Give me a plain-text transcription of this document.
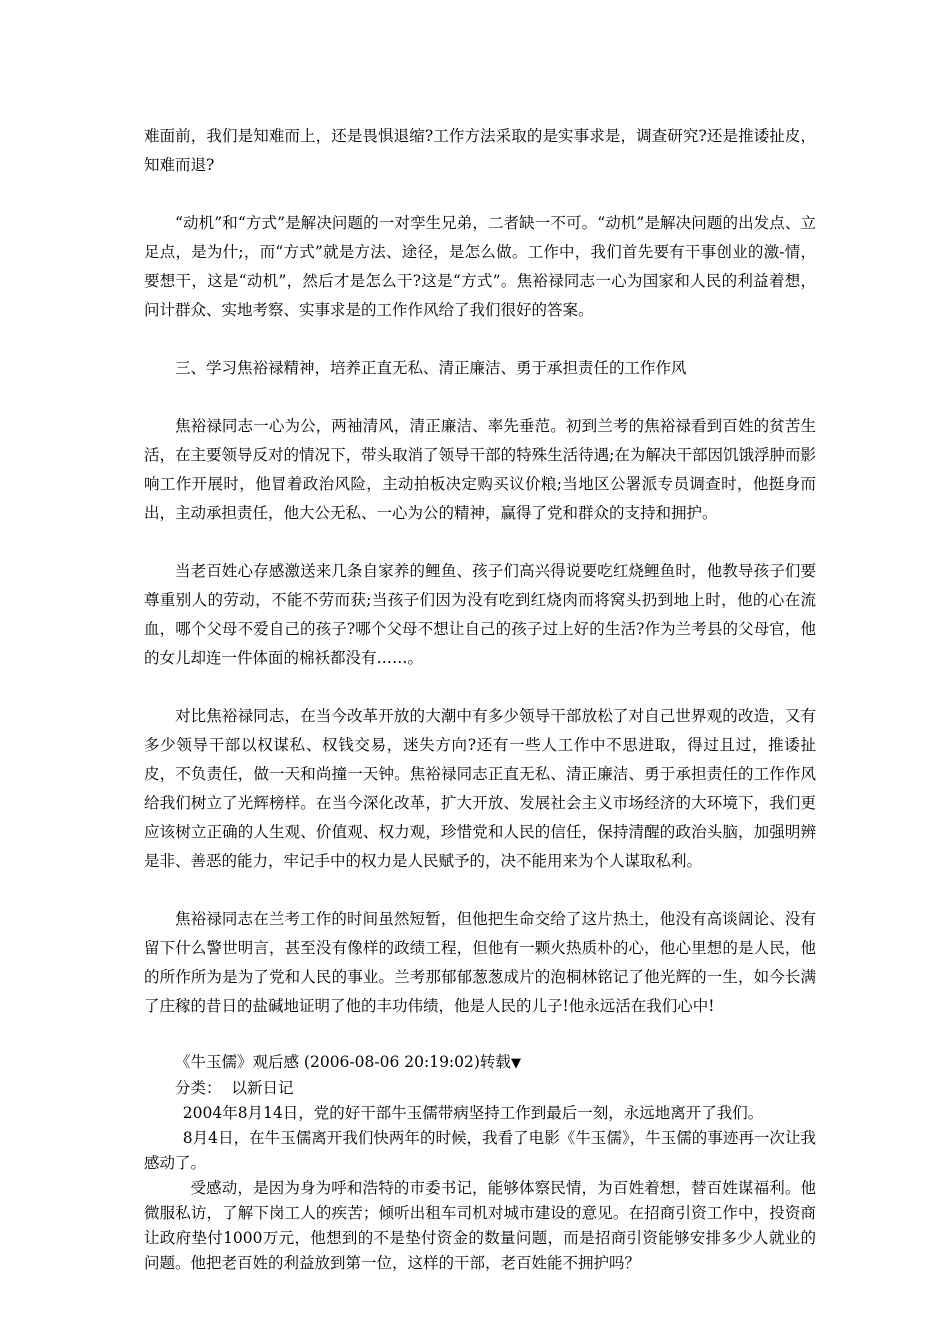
难面前，我们是知难而上，还是畏惧退缩?工作方法采取的是实事求是，调查研究?还是推诿扯皮，知难而退?

“动机”和“方式”是解决问题的一对孪生兄弟，二者缺一不可。“动机”是解决问题的出发点、立足点，是为什;，而“方式”就是方法、途径，是怎么做。工作中，我们首先要有干事创业的激-情，要想干，这是“动机”，然后才是怎么干?这是“方式”。焦裕禄同志一心为国家和人民的利益着想，问计群众、实地考察、实事求是的工作作风给了我们很好的答案。

三、学习焦裕禄精神，培养正直无私、清正廉洁、勇于承担责任的工作作风

焦裕禄同志一心为公，两袖清风，清正廉洁、率先垂范。初到兰考的焦裕禄看到百姓的贫苦生活，在主要领导反对的情况下，带头取消了领导干部的特殊生活待遇;在为解决干部因饥饿浮肿而影响工作开展时，他冒着政治风险，主动拍板决定购买议价粮;当地区公署派专员调查时，他挺身而出，主动承担责任，他大公无私、一心为公的精神，赢得了党和群众的支持和拥护。

当老百姓心存感激送来几条自家养的鲤鱼、孩子们高兴得说要吃红烧鲤鱼时，他教导孩子们要尊重别人的劳动，不能不劳而获;当孩子们因为没有吃到红烧肉而将窝头扔到地上时，他的心在流血，哪个父母不爱自己的孩子?哪个父母不想让自己的孩子过上好的生活?作为兰考县的父母官，他的女儿却连一件体面的棉袄都没有……。

对比焦裕禄同志，在当今改革开放的大潮中有多少领导干部放松了对自己世界观的改造，又有多少领导干部以权谋私、权钱交易，迷失方向?还有一些人工作中不思进取，得过且过，推诿扯皮，不负责任，做一天和尚撞一天钟。焦裕禄同志正直无私、清正廉洁、勇于承担责任的工作作风给我们树立了光辉榜样。在当今深化改革，扩大开放、发展社会主义市场经济的大环境下，我们更应该树立正确的人生观、价值观、权力观，珍惜党和人民的信任，保持清醒的政治头脑，加强明辨是非、善恶的能力，牢记手中的权力是人民赋予的，决不能用来为个人谋取私利。

焦裕禄同志在兰考工作的时间虽然短暂，但他把生命交给了这片热土，他没有高谈阔论、没有留下什么警世明言，甚至没有像样的政绩工程，但他有一颗火热质朴的心，他心里想的是人民，他的所作所为是为了党和人民的事业。兰考那郁郁葱葱成片的泡桐林铭记了他光辉的一生，如今长满了庄稼的昔日的盐碱地证明了他的丰功伟绩，他是人民的儿子!他永远活在我们心中!

《牛玉儒》观后感 (2006-08-06 20:19:02)转载▼
分类： 以新日记

2004年8月14日，党的好干部牛玉儒带病坚持工作到最后一刻，永远地离开了我们。

8月4日，在牛玉儒离开我们快两年的时候，我看了电影《牛玉儒》，牛玉儒的事迹再一次让我感动了。

受感动，是因为身为呼和浩特的市委书记，能够体察民情，为百姓着想，替百姓谋福利。他微服私访，了解下岗工人的疾苦；倾听出租车司机对城市建设的意见。在招商引资工作中，投资商让政府垫付1000万元，他想到的不是垫付资金的数量问题，而是招商引资能够安排多少人就业的问题。他把老百姓的利益放到第一位，这样的干部，老百姓能不拥护吗？
